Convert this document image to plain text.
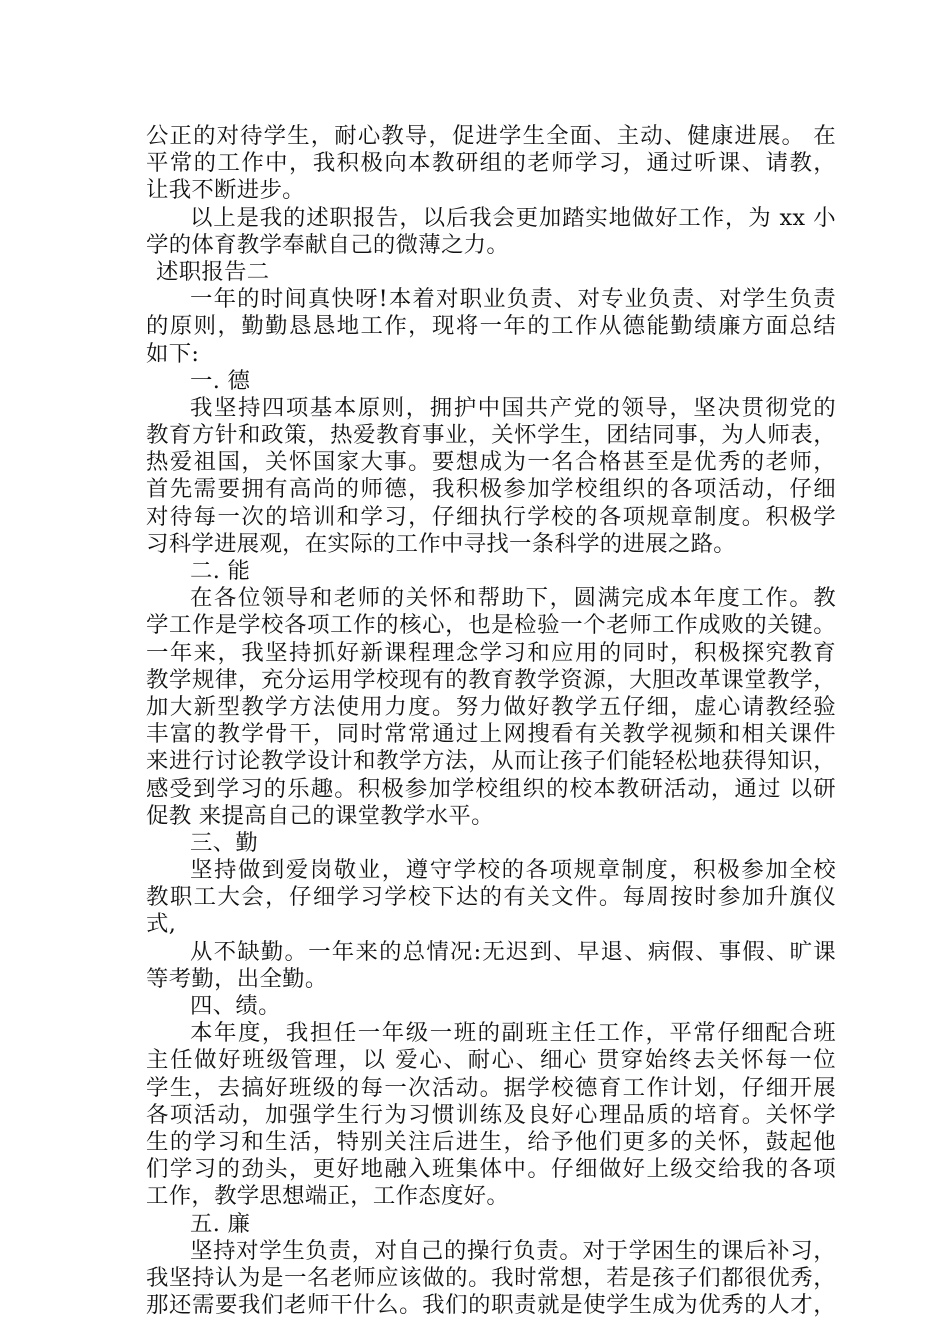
公正的对待学生，耐心教导，促进学生全面、主动、健康进展。 在
平常的工作中，我积极向本教研组的老师学习，通过听课、请教，
让我不断进步。
以上是我的述职报告，以后我会更加踏实地做好工作，为 xx 小
学的体育教学奉献自己的微薄之力。
述职报告二
一年的时间真快呀!本着对职业负责、对专业负责、对学生负责
的原则，勤勤恳恳地工作，现将一年的工作从德能勤绩廉方面总结
如下:
一. 德
我坚持四项基本原则，拥护中国共产党的领导，坚决贯彻党的
教育方针和政策，热爱教育事业，关怀学生，团结同事，为人师表，
热爱祖国，关怀国家大事。要想成为一名合格甚至是优秀的老师，
首先需要拥有高尚的师德，我积极参加学校组织的各项活动，仔细
对待每一次的培训和学习，仔细执行学校的各项规章制度。积极学
习科学进展观，在实际的工作中寻找一条科学的进展之路。
二. 能
在各位领导和老师的关怀和帮助下，圆满完成本年度工作。教
学工作是学校各项工作的核心，也是检验一个老师工作成败的关键。
一年来，我坚持抓好新课程理念学习和应用的同时，积极探究教育
教学规律，充分运用学校现有的教育教学资源，大胆改革课堂教学，
加大新型教学方法使用力度。努力做好教学五仔细，虚心请教经验
丰富的教学骨干，同时常常通过上网搜看有关教学视频和相关课件
来进行讨论教学设计和教学方法，从而让孩子们能轻松地获得知识，
感受到学习的乐趣。积极参加学校组织的校本教研活动，通过 以研
促教 来提高自己的课堂教学水平。
三、勤
坚持做到爱岗敬业，遵守学校的各项规章制度，积极参加全校
教职工大会，仔细学习学校下达的有关文件。每周按时参加升旗仪
式,
从不缺勤。一年来的总情况:无迟到、早退、病假、事假、旷课
等考勤，出全勤。
四、绩。
本年度，我担任一年级一班的副班主任工作，平常仔细配合班
主任做好班级管理，以 爱心、耐心、细心 贯穿始终去关怀每一位
学生，去搞好班级的每一次活动。据学校德育工作计划，仔细开展
各项活动，加强学生行为习惯训练及良好心理品质的培育。关怀学
生的学习和生活，特别关注后进生，给予他们更多的关怀，鼓起他
们学习的劲头，更好地融入班集体中。仔细做好上级交给我的各项
工作，教学思想端正，工作态度好。
五. 廉
坚持对学生负责，对自己的操行负责。对于学困生的课后补习，
我坚持认为是一名老师应该做的。我时常想，若是孩子们都很优秀，
那还需要我们老师干什么。我们的职责就是使学生成为优秀的人才，
